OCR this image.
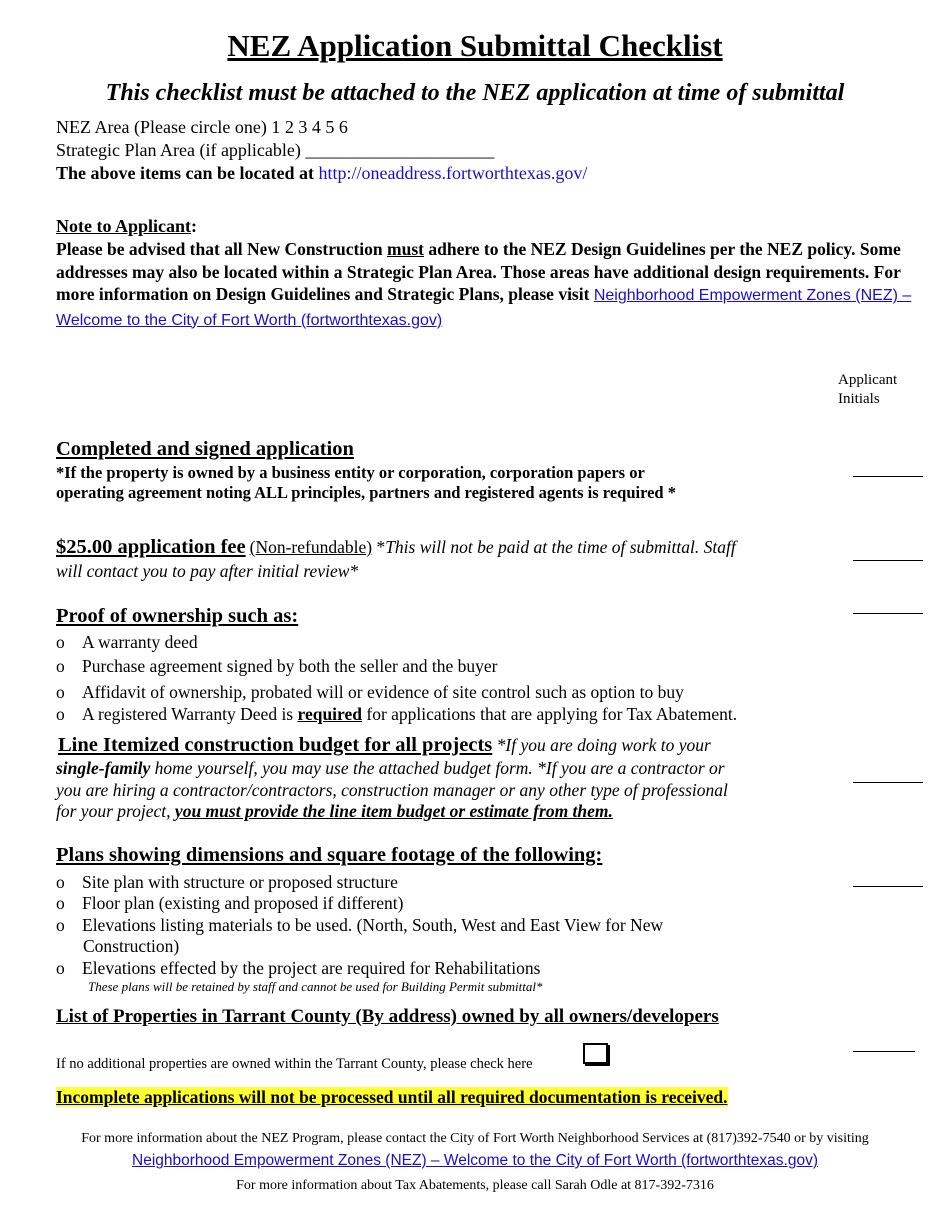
NEZ Application Submittal Checklist
This checklist must be attached to the NEZ application at time of submittal
NEZ Area (Please circle one) 1 2 3 4 5 6
Strategic Plan Area (if applicable) _____________________
The above items can be located at http://oneaddress.fortworthtexas.gov/
Note to Applicant:
Please be advised that all New Construction must adhere to the NEZ Design Guidelines per the NEZ policy. Some addresses may also be located within a Strategic Plan Area. Those areas have additional design requirements. For more information on Design Guidelines and Strategic Plans, please visit Neighborhood Empowerment Zones (NEZ) – Welcome to the City of Fort Worth (fortworthtexas.gov)
Applicant Initials
Completed and signed application
*If the property is owned by a business entity or corporation, corporation papers or
operating agreement noting ALL principles, partners and registered agents is required *
$25.00 application fee (Non-refundable) *This will not be paid at the time of submittal. Staff
will contact you to pay after initial review*
Proof of ownership such as:
o A warranty deed
o Purchase agreement signed by both the seller and the buyer
o Affidavit of ownership, probated will or evidence of site control such as option to buy
o A registered Warranty Deed is required for applications that are applying for Tax Abatement.
Line Itemized construction budget for all projects *If you are doing work to your
single-family home yourself, you may use the attached budget form. *If you are a contractor or
you are hiring a contractor/contractors, construction manager or any other type of professional
for your project, you must provide the line item budget or estimate from them.
Plans showing dimensions and square footage of the following:
o Site plan with structure or proposed structure
o Floor plan (existing and proposed if different)
o Elevations listing materials to be used. (North, South, West and East View for New
Construction)
o Elevations effected by the project are required for Rehabilitations
These plans will be retained by staff and cannot be used for Building Permit submittal*
List of Properties in Tarrant County (By address) owned by all owners/developers
If no additional properties are owned within the Tarrant County, please check here
Incomplete applications will not be processed until all required documentation is received.
For more information about the NEZ Program, please contact the City of Fort Worth Neighborhood Services at (817)392-7540 or by visiting
Neighborhood Empowerment Zones (NEZ) – Welcome to the City of Fort Worth (fortworthtexas.gov)
For more information about Tax Abatements, please call Sarah Odle at 817-392-7316
